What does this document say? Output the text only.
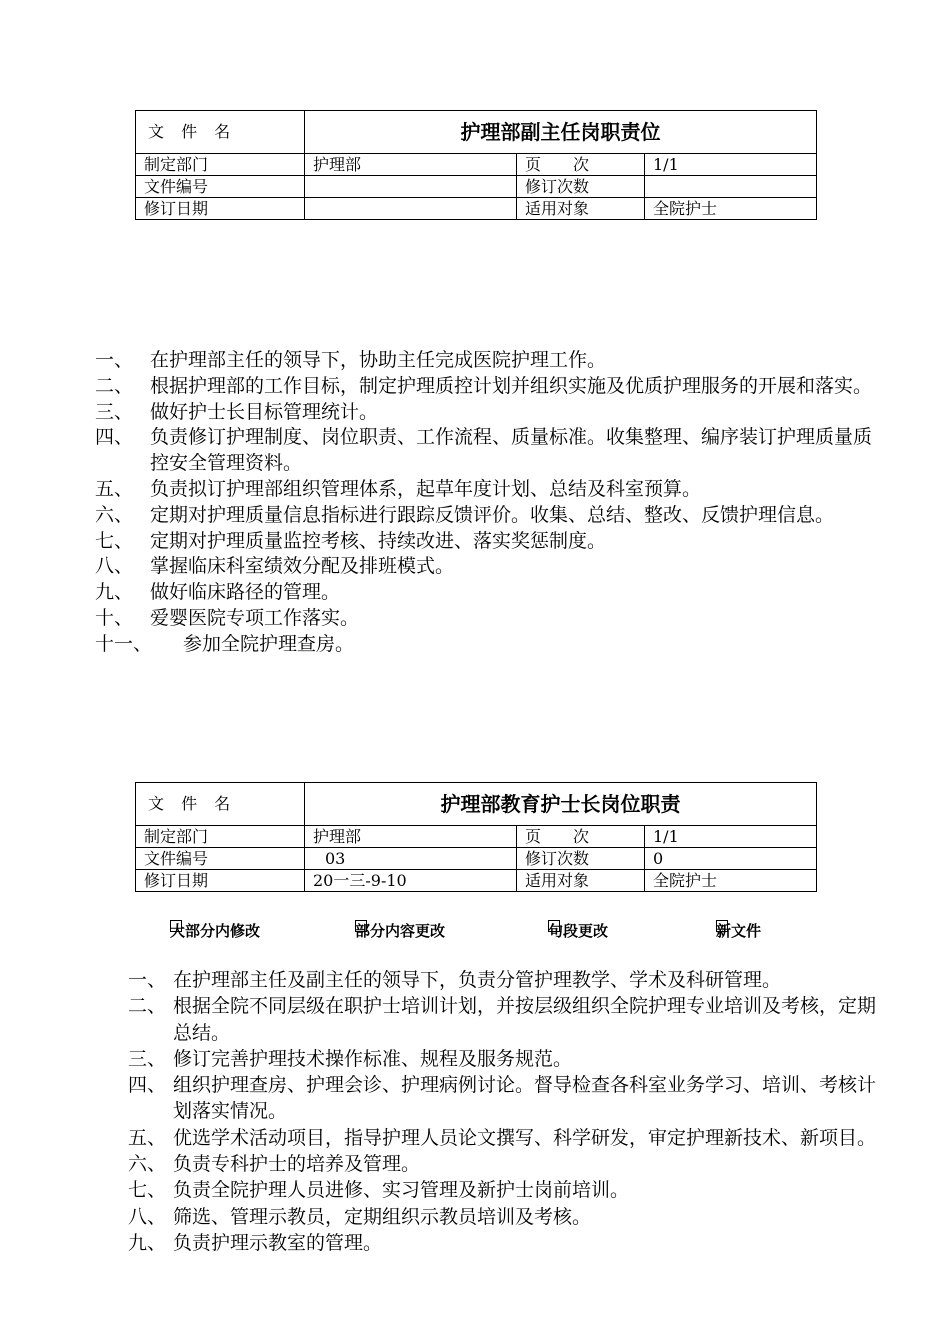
文 件 名	护理部副主任岗职责位		
制定部门	护理部	页　　次	1/1
文件编号		修订次数	
修订日期		适用对象	全院护士
一、 在护理部主任的领导下，协助主任完成医院护理工作。
二、 根据护理部的工作目标，制定护理质控计划并组织实施及优质护理服务的开展和落实。
三、 做好护士长目标管理统计。
四、 负责修订护理制度、岗位职责、工作流程、质量标准。收集整理、编序装订护理质量质控安全管理资料。
五、 负责拟订护理部组织管理体系，起草年度计划、总结及科室预算。
六、 定期对护理质量信息指标进行跟踪反馈评价。收集、总结、整改、反馈护理信息。
七、 定期对护理质量监控考核、持续改进、落实奖惩制度。
八、 掌握临床科室绩效分配及排班模式。
九、 做好临床路径的管理。
十、 爱婴医院专项工作落实。
十一、	参加全院护理查房。
文 件 名	护理部教育护士长岗位职责		
制定部门	护理部	页　　次	1/1
文件编号	03	修订次数	0
修订日期	20一三-9-10	适用对象	全院护士
大部分内修改	部分内容更改	句段更改	新文件
一、 在护理部主任及副主任的领导下，负责分管护理教学、学术及科研管理。
二、 根据全院不同层级在职护士培训计划，并按层级组织全院护理专业培训及考核，定期总结。
三、 修订完善护理技术操作标准、规程及服务规范。
四、 组织护理查房、护理会诊、护理病例讨论。督导检查各科室业务学习、培训、考核计划落实情况。
五、 优选学术活动项目，指导护理人员论文撰写、科学研发，审定护理新技术、新项目。
六、 负责专科护士的培养及管理。
七、 负责全院护理人员进修、实习管理及新护士岗前培训。
八、 筛选、管理示教员，定期组织示教员培训及考核。
九、 负责护理示教室的管理。
